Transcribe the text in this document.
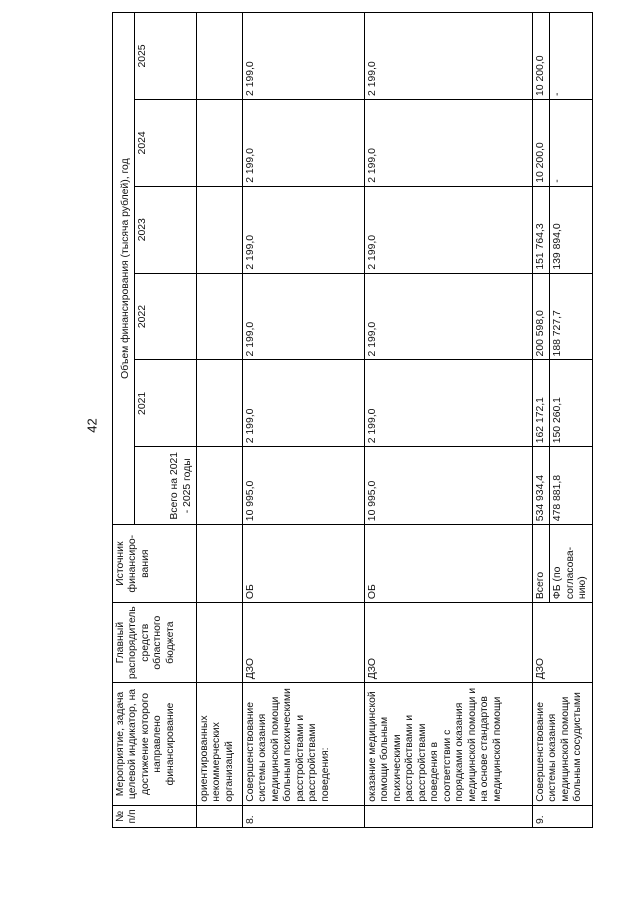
42
№ п/п	Мероприятие, задача целевой индикатор, на достижение которого направлено финансирование	Главный распорядитель средств областного бюджета	Источник финансиро-вания	Объем финансирования (тысяча рублей), год					
				Всего на 2021 - 2025 годы	2021	2022	2023	2024	2025
	ориентированных некоммерческих организаций								
8.	Совершенствование системы оказания медицинской помощи больным психическими расстройствами и расстройствами поведения:	ДЗО	ОБ	10 995,0	2 199,0	2 199,0	2 199,0	2 199,0	2 199,0
	оказание медицинской помощи больным психическими расстройствами и расстройствами поведения в соответствии с порядками оказания медицинской помощи и на основе стандартов медицинской помощи	ДЗО	ОБ	10 995,0	2 199,0	2 199,0	2 199,0	2 199,0	2 199,0
9.	Совершенствование системы оказания медицинской помощи больным сосудистыми	ДЗО	Всего	534 934,4	162 172,1	200 598,0	151 764,3	10 200,0	10 200,0
			ФБ (по согласова-нию)	478 881,8	150 260,1	188 727,7	139 894,0	-	-
